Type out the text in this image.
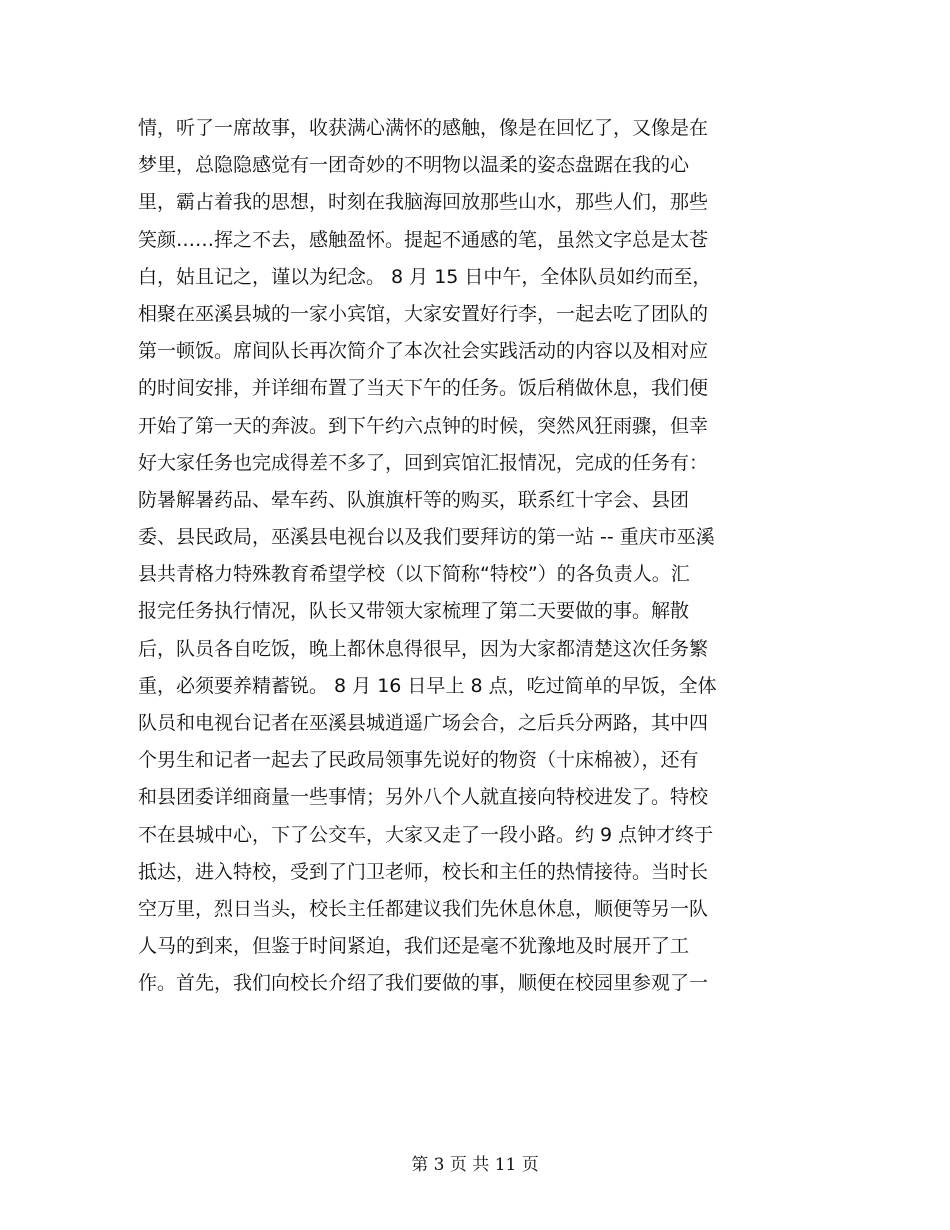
情，听了一席故事，收获满心满怀的感触，像是在回忆了，又像是在
梦里，总隐隐感觉有一团奇妙的不明物以温柔的姿态盘踞在我的心
里，霸占着我的思想，时刻在我脑海回放那些山水，那些人们，那些
笑颜……挥之不去，感触盈怀。提起不通感的笔，虽然文字总是太苍
白，姑且记之，谨以为纪念。 8 月 15 日中午，全体队员如约而至，
相聚在巫溪县城的一家小宾馆，大家安置好行李，一起去吃了团队的
第一顿饭。席间队长再次简介了本次社会实践活动的内容以及相对应
的时间安排，并详细布置了当天下午的任务。饭后稍做休息，我们便
开始了第一天的奔波。到下午约六点钟的时候，突然风狂雨骤，但幸
好大家任务也完成得差不多了，回到宾馆汇报情况，完成的任务有：
防暑解暑药品、晕车药、队旗旗杆等的购买，联系红十字会、县团
委、县民政局，巫溪县电视台以及我们要拜访的第一站 -- 重庆市巫溪
县共青格力特殊教育希望学校（以下简称“特校”）的各负责人。汇
报完任务执行情况，队长又带领大家梳理了第二天要做的事。解散
后，队员各自吃饭，晚上都休息得很早，因为大家都清楚这次任务繁
重，必须要养精蓄锐。 8 月 16 日早上 8 点，吃过简单的早饭，全体
队员和电视台记者在巫溪县城逍遥广场会合，之后兵分两路，其中四
个男生和记者一起去了民政局领事先说好的物资（十床棉被），还有
和县团委详细商量一些事情；另外八个人就直接向特校进发了。特校
不在县城中心，下了公交车，大家又走了一段小路。约 9 点钟才终于
抵达，进入特校，受到了门卫老师，校长和主任的热情接待。当时长
空万里，烈日当头，校长主任都建议我们先休息休息，顺便等另一队
人马的到来，但鉴于时间紧迫，我们还是毫不犹豫地及时展开了工
作。首先，我们向校长介绍了我们要做的事，顺便在校园里参观了一
第 3 页 共 11 页
